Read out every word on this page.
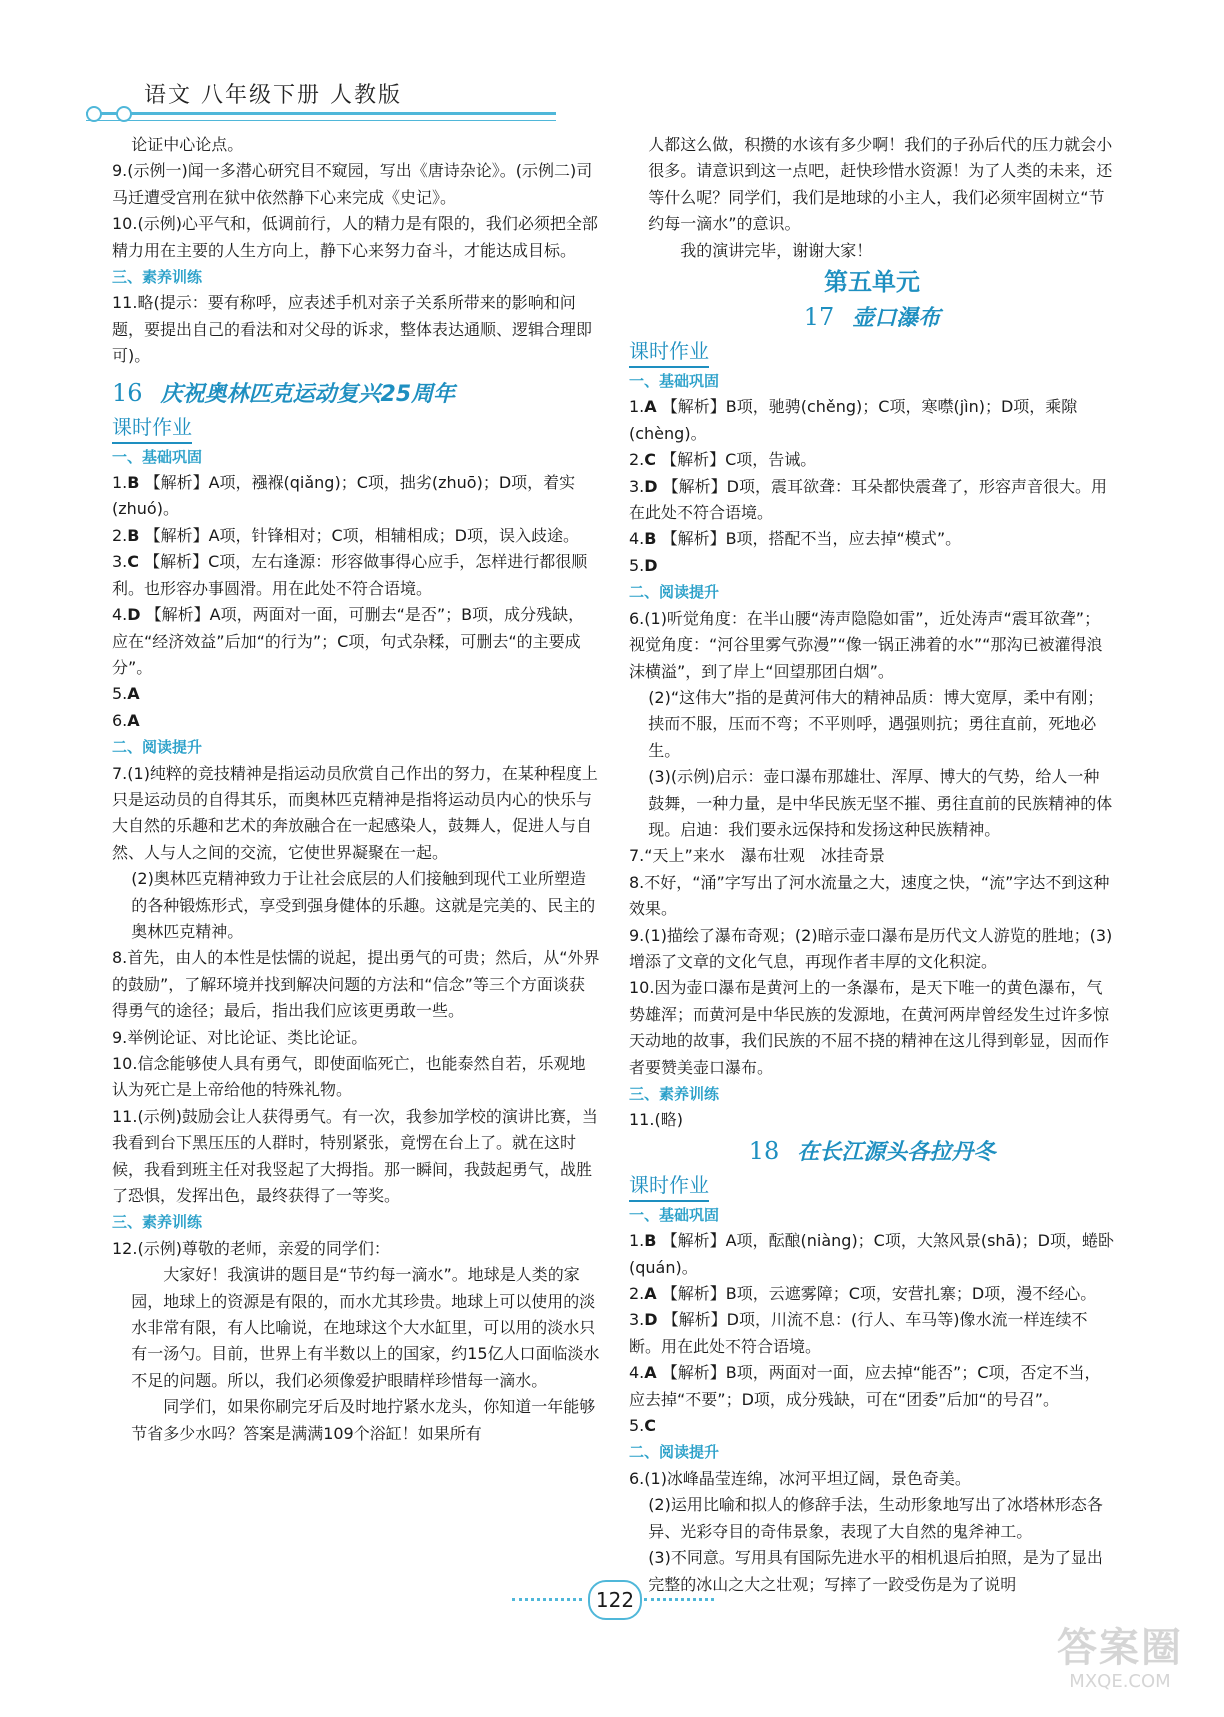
语文 八年级下册 人教版

论证中心论点。

9.(示例一)闻一多潜心研究目不窥园，写出《唐诗杂论》。(示例二)司马迁遭受宫刑在狱中依然静下心来完成《史记》。

10.(示例)心平气和，低调前行，人的精力是有限的，我们必须把全部精力用在主要的人生方向上，静下心来努力奋斗，才能达成目标。

三、素养训练

11.略(提示：要有称呼，应表述手机对亲子关系所带来的影响和问题，要提出自己的看法和对父母的诉求，整体表达通顺、逻辑合理即可)。

16 庆祝奥林匹克运动复兴25周年
课时作业

一、基础巩固

1.B 【解析】A项，襁褓(qiǎng)；C项，拙劣(zhuō)；D项，着实(zhuó)。

2.B 【解析】A项，针锋相对；C项，相辅相成；D项，误入歧途。

3.C 【解析】C项，左右逢源：形容做事得心应手，怎样进行都很顺利。也形容办事圆滑。用在此处不符合语境。

4.D 【解析】A项，两面对一面，可删去“是否”；B项，成分残缺，应在“经济效益”后加“的行为”；C项，句式杂糅，可删去“的主要成分”。

5.A

6.A

二、阅读提升

7.(1)纯粹的竞技精神是指运动员欣赏自己作出的努力，在某种程度上只是运动员的自得其乐，而奥林匹克精神是指将运动员内心的快乐与大自然的乐趣和艺术的奔放融合在一起感染人，鼓舞人，促进人与自然、人与人之间的交流，它使世界凝聚在一起。

(2)奥林匹克精神致力于让社会底层的人们接触到现代工业所塑造的各种锻炼形式，享受到强身健体的乐趣。这就是完美的、民主的奥林匹克精神。

8.首先，由人的本性是怯懦的说起，提出勇气的可贵；然后，从“外界的鼓励”，了解环境并找到解决问题的方法和“信念”等三个方面谈获得勇气的途径；最后，指出我们应该更勇敢一些。

9.举例论证、对比论证、类比论证。

10.信念能够使人具有勇气，即使面临死亡，也能泰然自若，乐观地认为死亡是上帝给他的特殊礼物。

11.(示例)鼓励会让人获得勇气。有一次，我参加学校的演讲比赛，当我看到台下黑压压的人群时，特别紧张，竟愣在台上了。就在这时候，我看到班主任对我竖起了大拇指。那一瞬间，我鼓起勇气，战胜了恐惧，发挥出色，最终获得了一等奖。

三、素养训练

12.(示例)尊敬的老师，亲爱的同学们：

大家好！我演讲的题目是“节约每一滴水”。地球是人类的家园，地球上的资源是有限的，而水尤其珍贵。地球上可以使用的淡水非常有限，有人比喻说，在地球这个大水缸里，可以用的淡水只有一汤勺。目前，世界上有半数以上的国家，约15亿人口面临淡水不足的问题。所以，我们必须像爱护眼睛样珍惜每一滴水。

同学们，如果你刷完牙后及时地拧紧水龙头，你知道一年能够节省多少水吗？答案是满满109个浴缸！如果所有

人都这么做，积攒的水该有多少啊！我们的子孙后代的压力就会小很多。请意识到这一点吧，赶快珍惜水资源！为了人类的未来，还等什么呢？同学们，我们是地球的小主人，我们必须牢固树立“节约每一滴水”的意识。

我的演讲完毕，谢谢大家！

第五单元
17 壶口瀑布
课时作业

一、基础巩固

1.A 【解析】B项，驰骋(chěng)；C项，寒噤(jìn)；D项，乘隙(chèng)。

2.C 【解析】C项，告诫。

3.D 【解析】D项，震耳欲聋：耳朵都快震聋了，形容声音很大。用在此处不符合语境。

4.B 【解析】B项，搭配不当，应去掉“模式”。

5.D

二、阅读提升

6.(1)听觉角度：在半山腰“涛声隐隐如雷”，近处涛声“震耳欲聋”；视觉角度：“河谷里雾气弥漫”“像一锅正沸着的水”“那沟已被灌得浪沫横溢”，到了岸上“回望那团白烟”。

(2)“这伟大”指的是黄河伟大的精神品质：博大宽厚，柔中有刚；挟而不服，压而不弯；不平则呼，遇强则抗；勇往直前，死地必生。

(3)(示例)启示：壶口瀑布那雄壮、浑厚、博大的气势，给人一种鼓舞，一种力量，是中华民族无坚不摧、勇往直前的民族精神的体现。启迪：我们要永远保持和发扬这种民族精神。

7.“天上”来水　瀑布壮观　冰挂奇景

8.不好，“涌”字写出了河水流量之大，速度之快，“流”字达不到这种效果。

9.(1)描绘了瀑布奇观；(2)暗示壶口瀑布是历代文人游览的胜地；(3)增添了文章的文化气息，再现作者丰厚的文化积淀。

10.因为壶口瀑布是黄河上的一条瀑布，是天下唯一的黄色瀑布，气势雄浑；而黄河是中华民族的发源地，在黄河两岸曾经发生过许多惊天动地的故事，我们民族的不屈不挠的精神在这儿得到彰显，因而作者要赞美壶口瀑布。

三、素养训练

11.(略)

18 在长江源头各拉丹冬
课时作业

一、基础巩固

1.B 【解析】A项，酝酿(niàng)；C项，大煞风景(shā)；D项，蜷卧(quán)。

2.A 【解析】B项，云遮雾障；C项，安营扎寨；D项，漫不经心。

3.D 【解析】D项，川流不息：(行人、车马等)像水流一样连续不断。用在此处不符合语境。

4.A 【解析】B项，两面对一面，应去掉“能否”；C项，否定不当，应去掉“不要”；D项，成分残缺，可在“团委”后加“的号召”。

5.C

二、阅读提升

6.(1)冰峰晶莹连绵，冰河平坦辽阔，景色奇美。

(2)运用比喻和拟人的修辞手法，生动形象地写出了冰塔林形态各异、光彩夺目的奇伟景象，表现了大自然的鬼斧神工。

(3)不同意。写用具有国际先进水平的相机退后拍照，是为了显出完整的冰山之大之壮观；写摔了一跤受伤是为了说明

122
答案圈
MXQE.COM
